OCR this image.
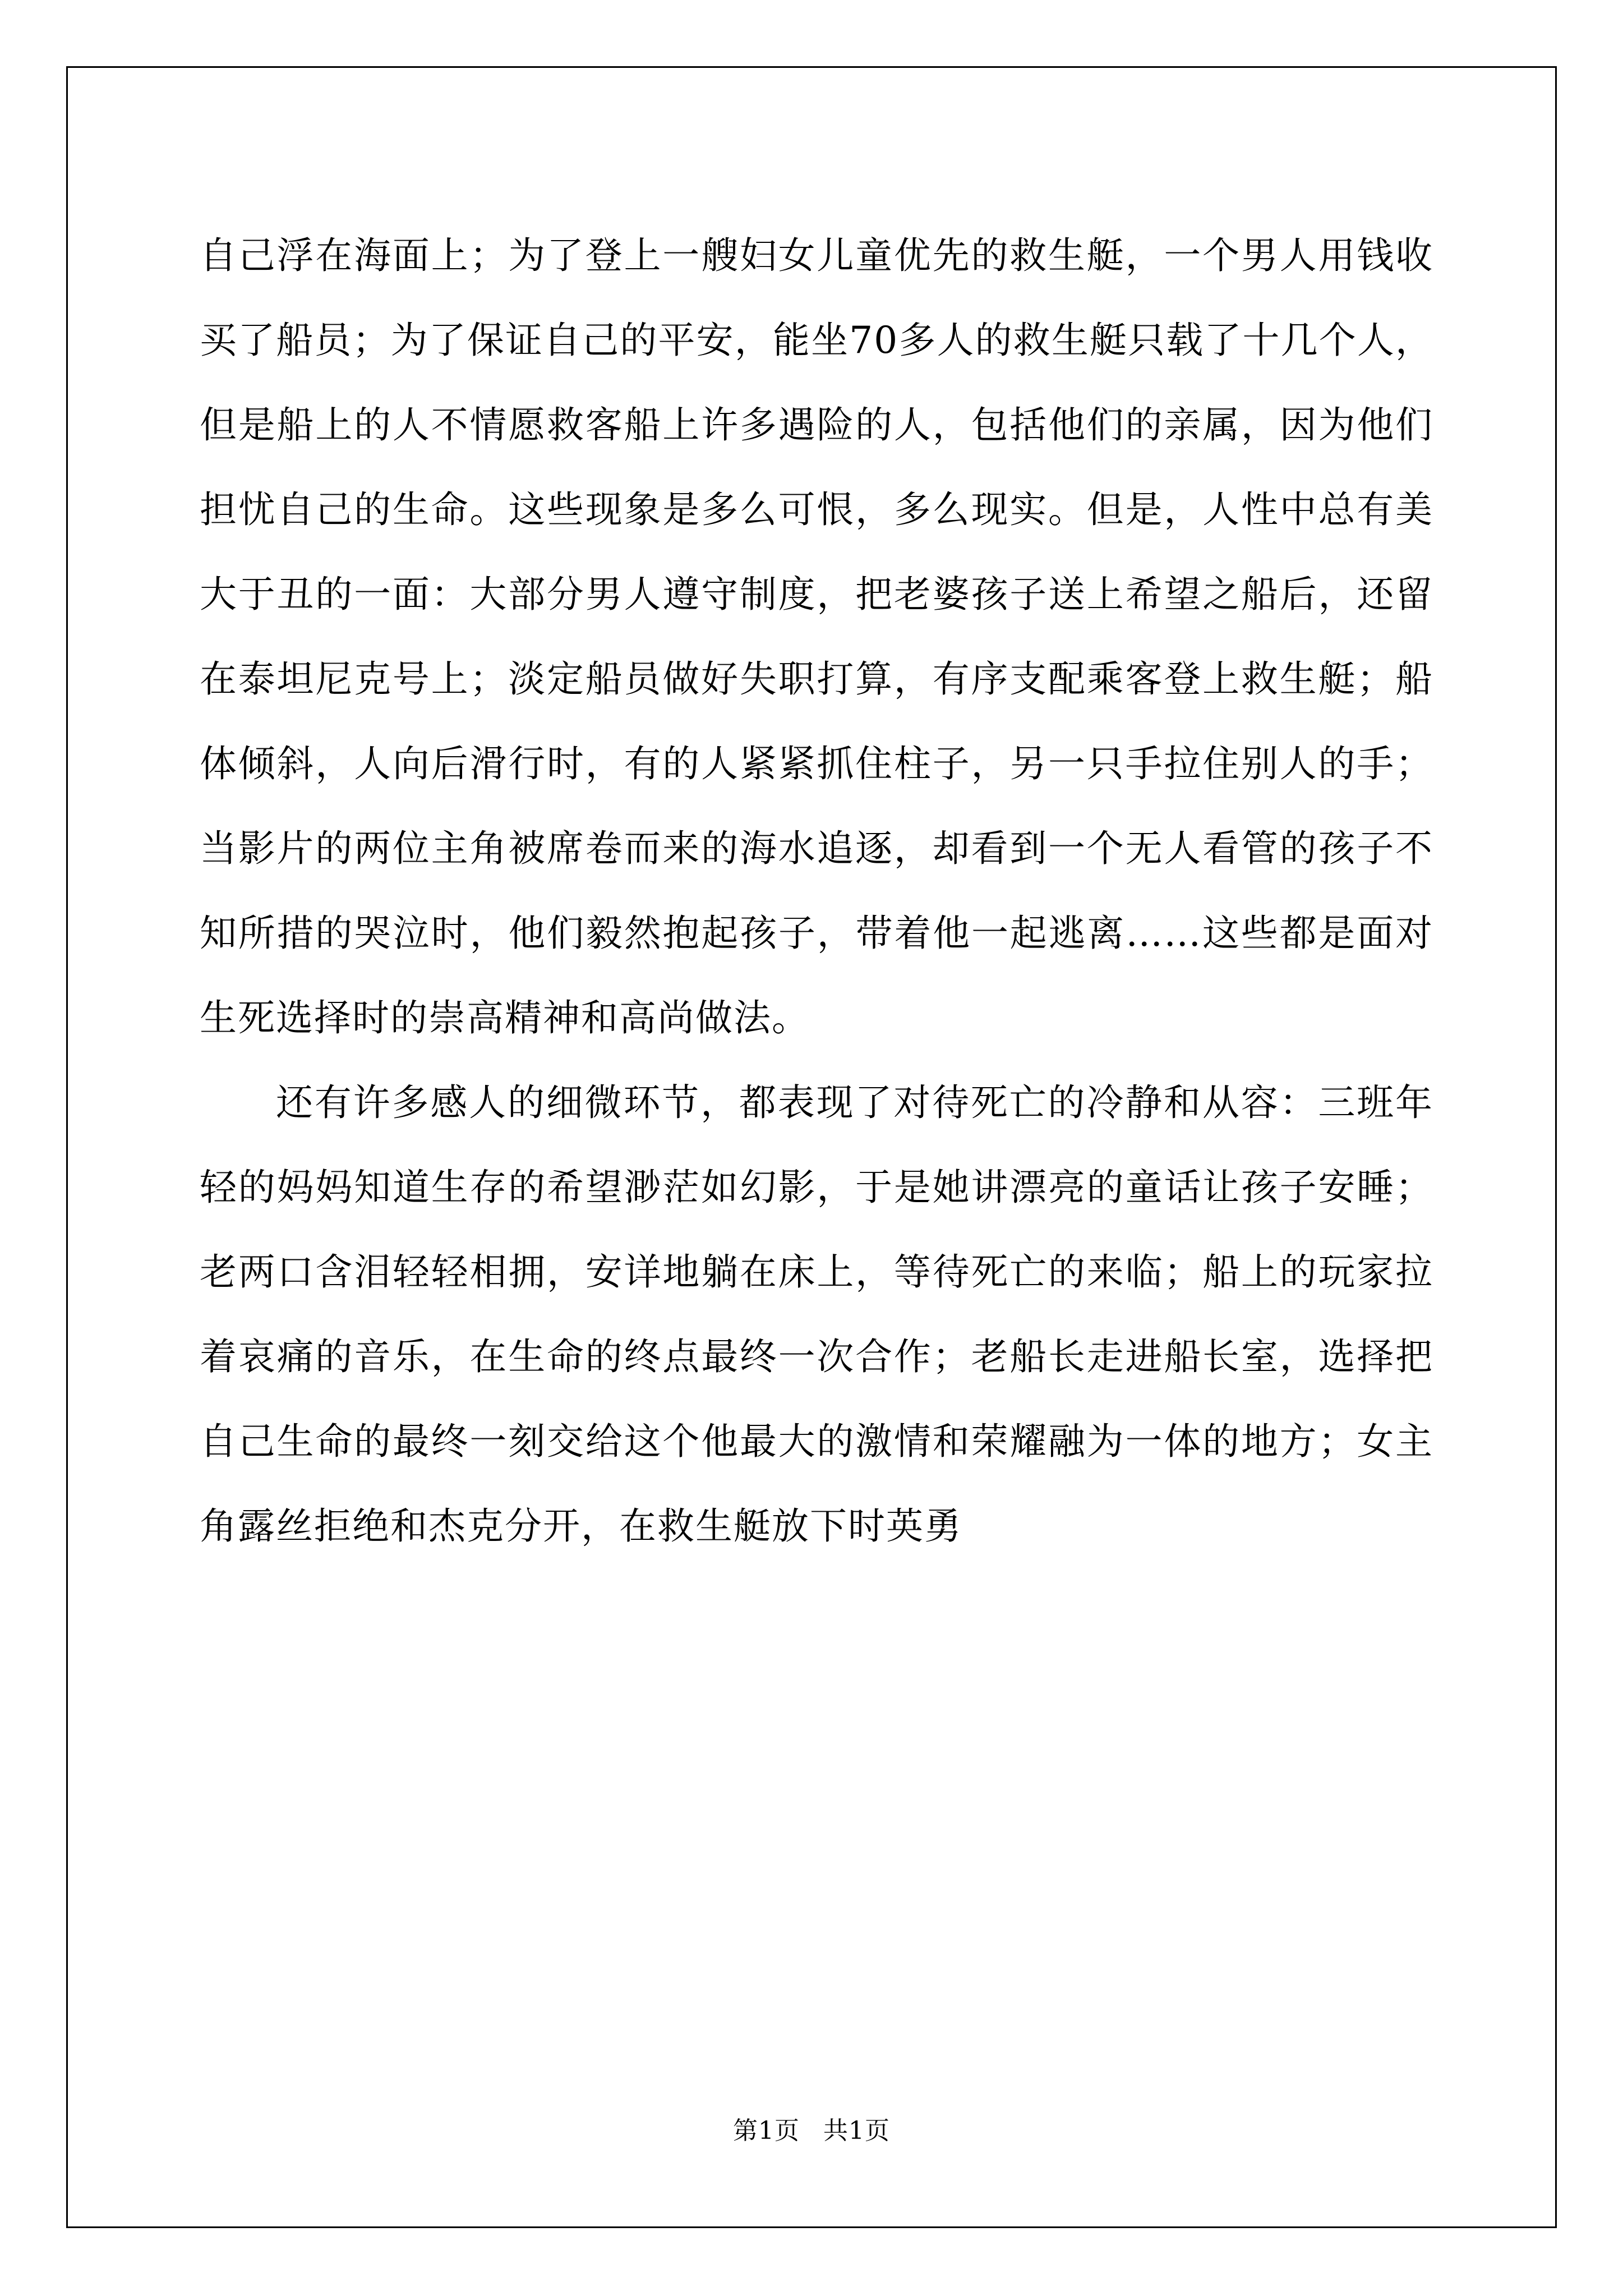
自己浮在海面上；为了登上一艘妇女儿童优先的救生艇，一个男人用钱收买了船员；为了保证自己的平安，能坐70多人的救生艇只载了十几个人，但是船上的人不情愿救客船上许多遇险的人，包括他们的亲属，因为他们担忧自己的生命。这些现象是多么可恨，多么现实。但是，人性中总有美大于丑的一面：大部分男人遵守制度，把老婆孩子送上希望之船后，还留在泰坦尼克号上；淡定船员做好失职打算，有序支配乘客登上救生艇；船体倾斜，人向后滑行时，有的人紧紧抓住柱子，另一只手拉住别人的手；当影片的两位主角被席卷而来的海水追逐，却看到一个无人看管的孩子不知所措的哭泣时，他们毅然抱起孩子，带着他一起逃离……这些都是面对生死选择时的崇高精神和高尚做法。

还有许多感人的细微环节，都表现了对待死亡的冷静和从容：三班年轻的妈妈知道生存的希望渺茫如幻影，于是她讲漂亮的童话让孩子安睡；老两口含泪轻轻相拥，安详地躺在床上，等待死亡的来临；船上的玩家拉着哀痛的音乐，在生命的终点最终一次合作；老船长走进船长室，选择把自己生命的最终一刻交给这个他最大的激情和荣耀融为一体的地方；女主角露丝拒绝和杰克分开，在救生艇放下时英勇

第1页 共1页
